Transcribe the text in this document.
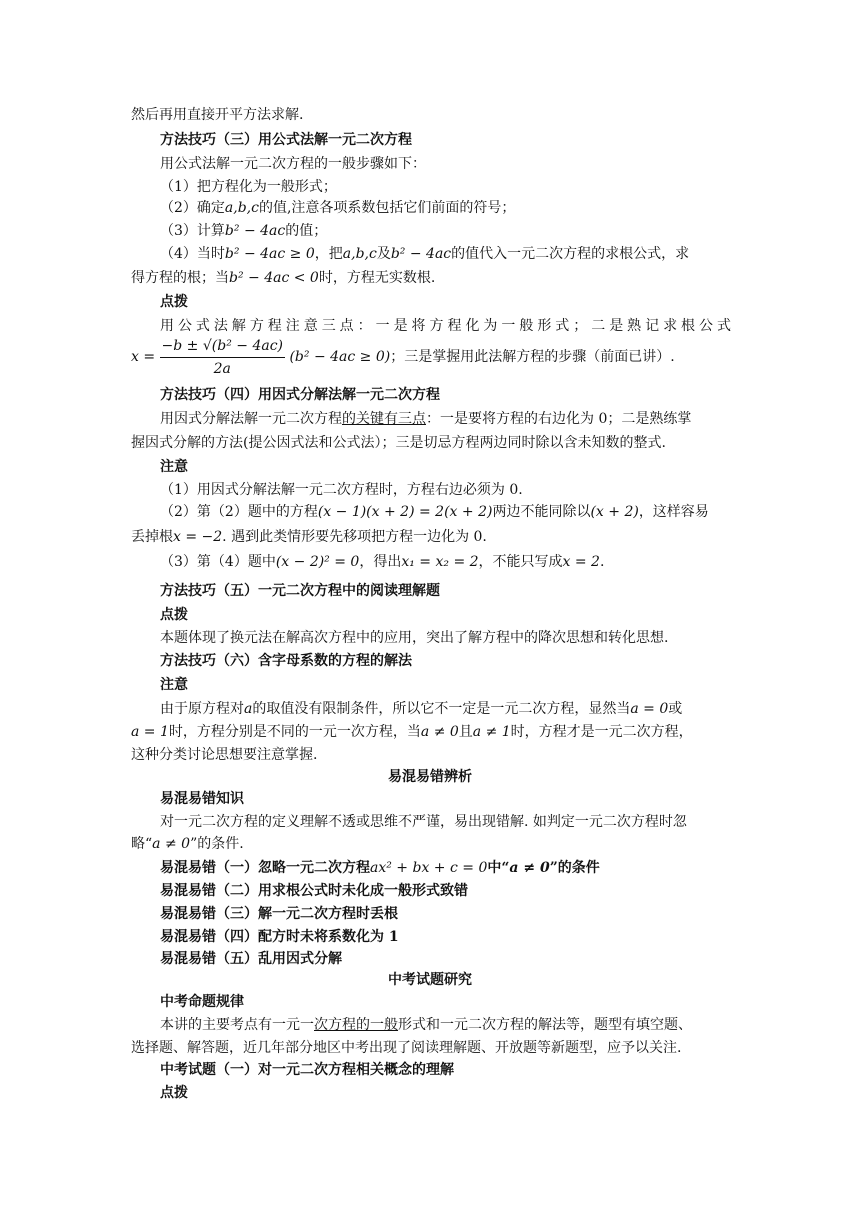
然后再用直接开平方法求解.
方法技巧（三）用公式法解一元二次方程
用公式法解一元二次方程的一般步骤如下：
（1）把方程化为一般形式；
（2）确定a,b,c的值,注意各项系数包括它们前面的符号；
（3）计算b² − 4ac的值；
（4）当时b² − 4ac ≥ 0，把a,b,c及b² − 4ac的值代入一元二次方程的求根公式，求
得方程的根；当b² − 4ac < 0时，方程无实数根.
点拨
用公式法解方程注意三点：一是将方程化为一般形式；二是熟记求根公式
$x = \frac{\text{−b ± √(b² − 4ac)}}{2a} (b^2 - 4ac \ge 0)$；三是掌握用此法解方程的步骤（前面已讲）.
方法技巧（四）用因式分解法解一元二次方程
用因式分解法解一元二次方程的关键有三点：一是要将方程的右边化为 0；二是熟练掌
握因式分解的方法(提公因式法和公式法）；三是切忌方程两边同时除以含未知数的整式.
注意
（1）用因式分解法解一元二次方程时，方程右边必须为 0.
（2）第（2）题中的方程(x − 1)(x + 2) = 2(x + 2)两边不能同除以(x + 2)，这样容易
丢掉根x = −2. 遇到此类情形要先移项把方程一边化为 0.
（3）第（4）题中(x − 2)² = 0，得出x₁ = x₂ = 2，不能只写成x = 2.
方法技巧（五）一元二次方程中的阅读理解题
点拨
本题体现了换元法在解高次方程中的应用，突出了解方程中的降次思想和转化思想.
方法技巧（六）含字母系数的方程的解法
注意
由于原方程对a的取值没有限制条件，所以它不一定是一元二次方程，显然当a = 0或
a = 1时，方程分别是不同的一元一次方程，当a ≠ 0且a ≠ 1时，方程才是一元二次方程，
这种分类讨论思想要注意掌握.
易混易错辨析
易混易错知识
对一元二次方程的定义理解不透或思维不严谨，易出现错解. 如判定一元二次方程时忽
略“a ≠ 0”的条件.
易混易错（一）忽略一元二次方程ax² + bx + c = 0中“a ≠ 0”的条件
易混易错（二）用求根公式时未化成一般形式致错
易混易错（三）解一元二次方程时丢根
易混易错（四）配方时未将系数化为 1
易混易错（五）乱用因式分解
中考试题研究
中考命题规律
本讲的主要考点有一元一次方程的一般形式和一元二次方程的解法等，题型有填空题、
选择题、解答题，近几年部分地区中考出现了阅读理解题、开放题等新题型，应予以关注.
中考试题（一）对一元二次方程相关概念的理解
点拨
